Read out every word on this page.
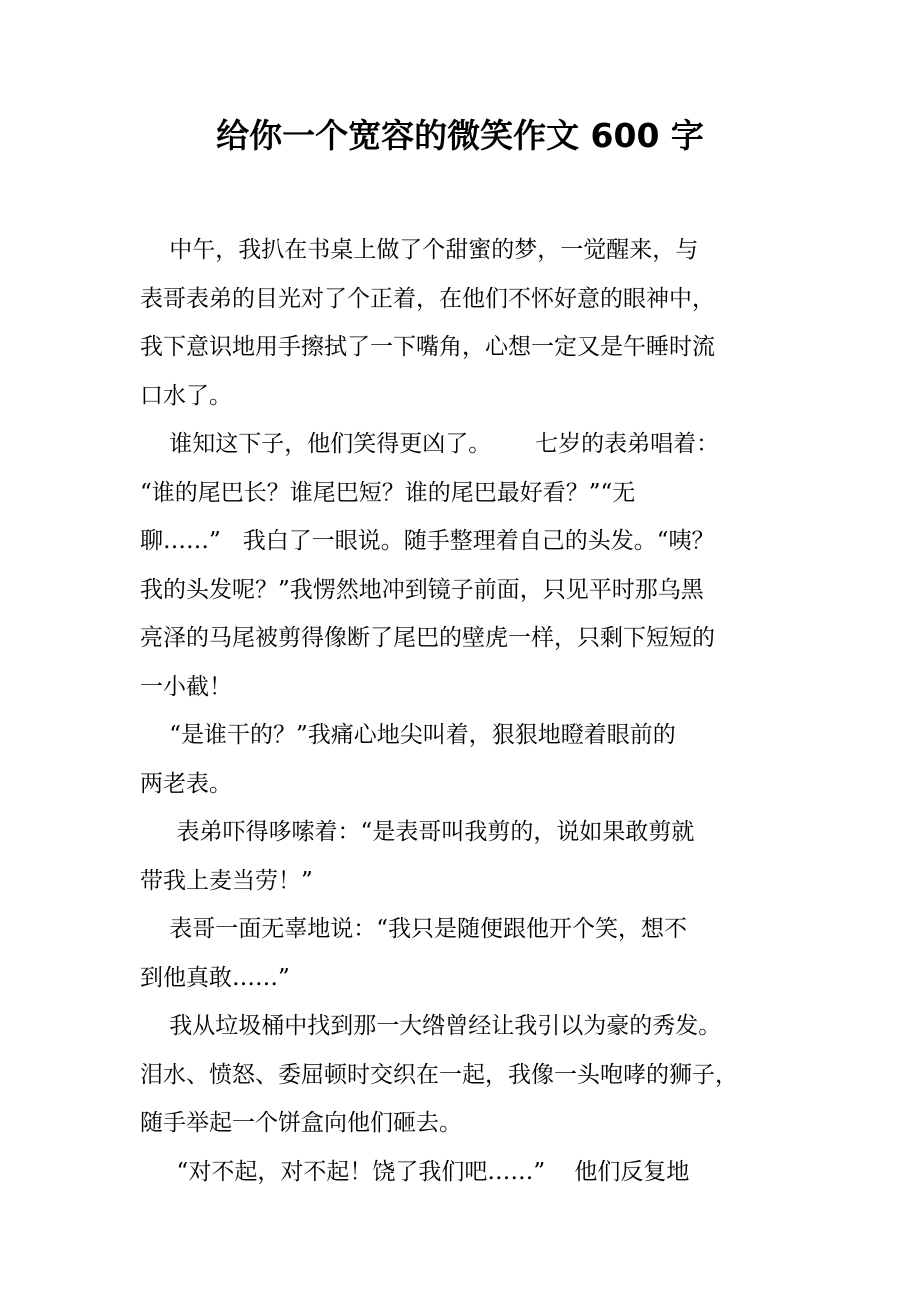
给你一个宽容的微笑作文 600 字
中午，我扒在书桌上做了个甜蜜的梦，一觉醒来，与
表哥表弟的目光对了个正着，在他们不怀好意的眼神中，
我下意识地用手擦拭了一下嘴角，心想一定又是午睡时流
口水了。
谁知这下子，他们笑得更凶了。      七岁的表弟唱着：
“谁的尾巴长？谁尾巴短？谁的尾巴最好看？”“无
聊……”   我白了一眼说。随手整理着自己的头发。“咦？
我的头发呢？”我愣然地冲到镜子前面，只见平时那乌黑
亮泽的马尾被剪得像断了尾巴的壁虎一样，只剩下短短的
一小截！
“是谁干的？”我痛心地尖叫着，狠狠地瞪着眼前的
两老表。
表弟吓得哆嗦着：“是表哥叫我剪的，说如果敢剪就
带我上麦当劳！”
表哥一面无辜地说：“我只是随便跟他开个笑，想不
到他真敢……”
我从垃圾桶中找到那一大绺曾经让我引以为豪的秀发。
泪水、愤怒、委屈顿时交织在一起，我像一头咆哮的狮子，
随手举起一个饼盒向他们砸去。
“对不起，对不起！饶了我们吧……”    他们反复地
